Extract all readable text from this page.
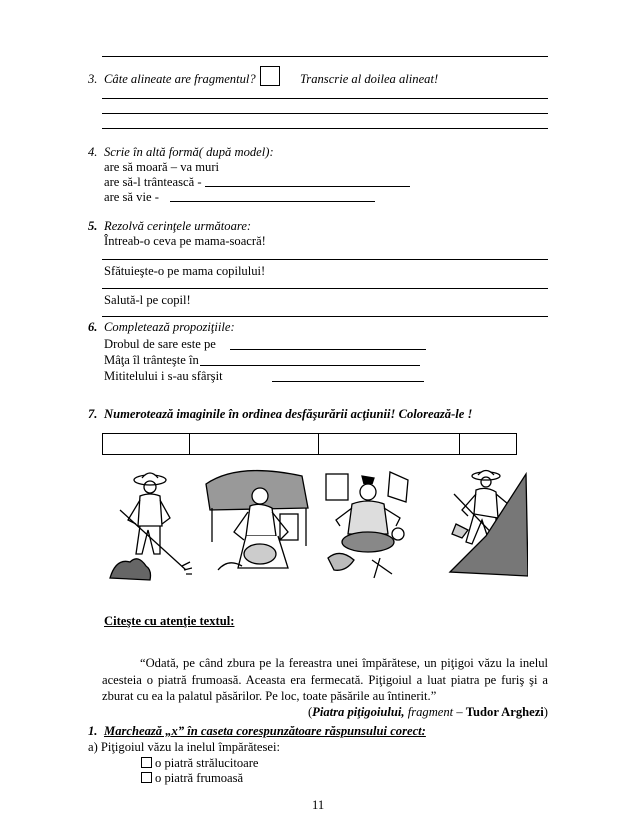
3. Câte alineate are fragmentul?	Transcrie al doilea alineat!
4. Scrie în altă formă( după model):
are să moară – va muri
are să-l trântească -
are să vie -
5. Rezolvă cerinţele următoare:
Întreab-o ceva pe mama-soacră!
Sfătuieşte-o pe mama copilului!
Salută-l pe copil!
6. Completează propoziţiile:
Drobul de sare este pe
Mâţa îl trânteşte în
Mititelului i s-au sfârşit
7. Numerotează imaginile în ordinea desfăşurării acţiunii! Colorează-le !

Citeşte cu atenţie textul:

“Odată, pe când zbura pe la fereastra unei împărătese, un piţigoi văzu la inelul acesteia o piatră frumoasă. Aceasta era fermecată. Piţigoiul a luat piatra pe furiş şi a zburat cu ea la palatul păsărilor. Pe loc, toate păsările au întinerit.”

(Piatra piţigoiului, fragment – Tudor Arghezi)
1. Marchează „x” în caseta corespunzătoare răspunsului corect:
a) Piţigoiul văzu la inelul împărătesei:
o piatră strălucitoare
o piatră frumoasă
11
